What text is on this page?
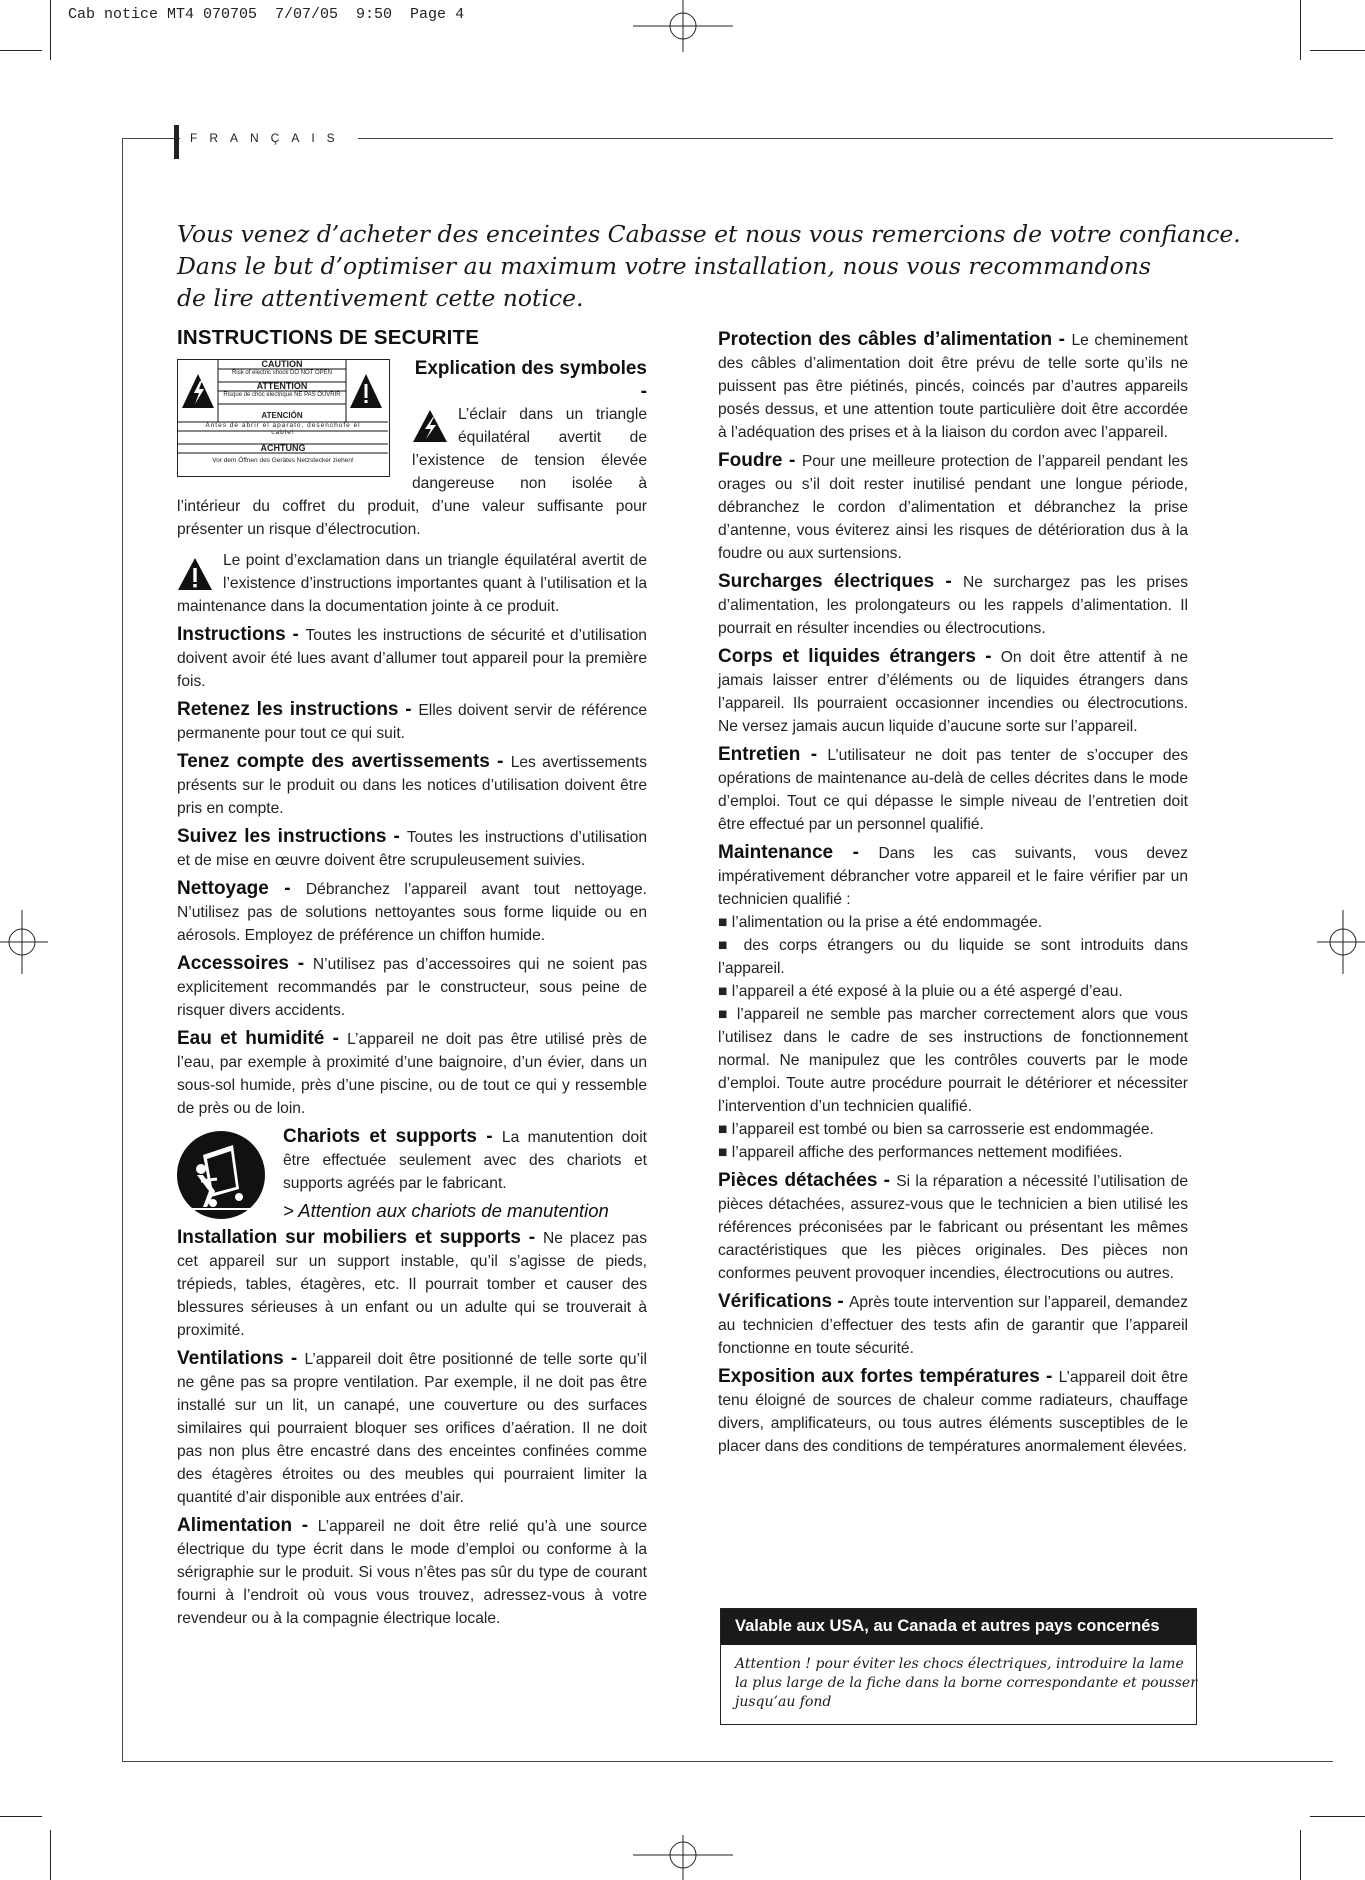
Cab notice MT4 070705  7/07/05  9:50  Page 4
FRANÇAIS
Vous venez d’acheter des enceintes Cabasse et nous vous remercions de votre confiance.
Dans le but d’optimiser au maximum votre installation, nous vous recommandons
de lire attentivement cette notice.
INSTRUCTIONS DE SECURITE
CAUTION
Risk of electric shock DO NOT OPEN
ATTENTION
Risque de choc electrique NE PAS OUVRIR
ATENCIÓN
Antes de abrir el aparato, desenchufe el cable!
ACHTUNG
Vor dem Öffnen des Gerätes Netzstecker ziehen!
Explication des symboles -
L’éclair dans un triangle équilatéral avertit de l’existence de tension élevée dangereuse non isolée à l’intérieur du coffret du produit, d’une valeur suffisante pour présenter un risque d’électrocution.

Le point d’exclamation dans un triangle équilatéral avertit de l’existence d’instructions importantes quant à l’utilisation et la maintenance dans la documentation jointe à ce produit.

Instructions - Toutes les instructions de sécurité et d’utilisation doivent avoir été lues avant d’allumer tout appareil pour la première fois.

Retenez les instructions - Elles doivent servir de référence permanente pour tout ce qui suit.

Tenez compte des avertissements - Les avertissements présents sur le produit ou dans les notices d’utilisation doivent être pris en compte.

Suivez les instructions - Toutes les instructions d’utilisation et de mise en œuvre doivent être scrupuleusement suivies.

Nettoyage - Débranchez l’appareil avant tout nettoyage. N’utilisez pas de solutions nettoyantes sous forme liquide ou en aérosols. Employez de préférence un chiffon humide.

Accessoires - N’utilisez pas d’accessoires qui ne soient pas explicitement recommandés par le constructeur, sous peine de risquer divers accidents.

Eau et humidité - L’appareil ne doit pas être utilisé près de l’eau, par exemple à proximité d’une baignoire, d’un évier, dans un sous-sol humide, près d’une piscine, ou de tout ce qui y ressemble de près ou de loin.

Chariots et supports - La manutention doit être effectuée seulement avec des chariots et supports agréés par le fabricant.
> Attention aux chariots de manutention

Installation sur mobiliers et supports - Ne placez pas cet appareil sur un support instable, qu’il s’agisse de pieds, trépieds, tables, étagères, etc. Il pourrait tomber et causer des blessures sérieuses à un enfant ou un adulte qui se trouverait à proximité.

Ventilations - L’appareil doit être positionné de telle sorte qu’il ne gêne pas sa propre ventilation. Par exemple, il ne doit pas être installé sur un lit, un canapé, une couverture ou des surfaces similaires qui pourraient bloquer ses orifices d’aération. Il ne doit pas non plus être encastré dans des enceintes confinées comme des étagères étroites ou des meubles qui pourraient limiter la quantité d’air disponible aux entrées d’air.

Alimentation - L’appareil ne doit être relié qu’à une source électrique du type écrit dans le mode d’emploi ou conforme à la sérigraphie sur le produit. Si vous n’êtes pas sûr du type de courant fourni à l’endroit où vous vous trouvez, adressez-vous à votre revendeur ou à la compagnie électrique locale.

Protection des câbles d’alimentation - Le cheminement des câbles d’alimentation doit être prévu de telle sorte qu’ils ne puissent pas être piétinés, pincés, coincés par d’autres appareils posés dessus, et une attention toute particulière doit être accordée à l’adéquation des prises et à la liaison du cordon avec l’appareil.

Foudre - Pour une meilleure protection de l’appareil pendant les orages ou s’il doit rester inutilisé pendant une longue période, débranchez le cordon d’alimentation et débranchez la prise d’antenne, vous éviterez ainsi les risques de détérioration dus à la foudre ou aux surtensions.

Surcharges électriques - Ne surchargez pas les prises d’alimentation, les prolongateurs ou les rappels d’alimentation. Il pourrait en résulter incendies ou électrocutions.

Corps et liquides étrangers - On doit être attentif à ne jamais laisser entrer d’éléments ou de liquides étrangers dans l’appareil. Ils pourraient occasionner incendies ou électrocutions. Ne versez jamais aucun liquide d’aucune sorte sur l’appareil.

Entretien - L’utilisateur ne doit pas tenter de s’occuper des opérations de maintenance au-delà de celles décrites dans le mode d’emploi. Tout ce qui dépasse le simple niveau de l’entretien doit être effectué par un personnel qualifié.

Maintenance - Dans les cas suivants, vous devez impérativement débrancher votre appareil et le faire vérifier par un technicien qualifié :

■ l’alimentation ou la prise a été endommagée.
■ des corps étrangers ou du liquide se sont introduits dans l’appareil.
■ l’appareil a été exposé à la pluie ou a été aspergé d’eau.
■ l’appareil ne semble pas marcher correctement alors que vous l’utilisez dans le cadre de ses instructions de fonctionnement normal. Ne manipulez que les contrôles couverts par le mode d’emploi. Toute autre procédure pourrait le détériorer et nécessiter l’intervention d’un technicien qualifié.
■ l’appareil est tombé ou bien sa carrosserie est endommagée.
■ l’appareil affiche des performances nettement modifiées.

Pièces détachées - Si la réparation a nécessité l’utilisation de pièces détachées, assurez-vous que le technicien a bien utilisé les références préconisées par le fabricant ou présentant les mêmes caractéristiques que les pièces originales. Des pièces non conformes peuvent provoquer incendies, électrocutions ou autres.

Vérifications - Après toute intervention sur l’appareil, demandez au technicien d’effectuer des tests afin de garantir que l’appareil fonctionne en toute sécurité.

Exposition aux fortes températures - L’appareil doit être tenu éloigné de sources de chaleur comme radiateurs, chauffage divers, amplificateurs, ou tous autres éléments susceptibles de le placer dans des conditions de températures anormalement élevées.

Valable aux USA, au Canada et autres pays concernés
Attention ! pour éviter les chocs électriques, introduire la lame
la plus large de la fiche dans la borne correspondante et pousser
jusqu’au fond
